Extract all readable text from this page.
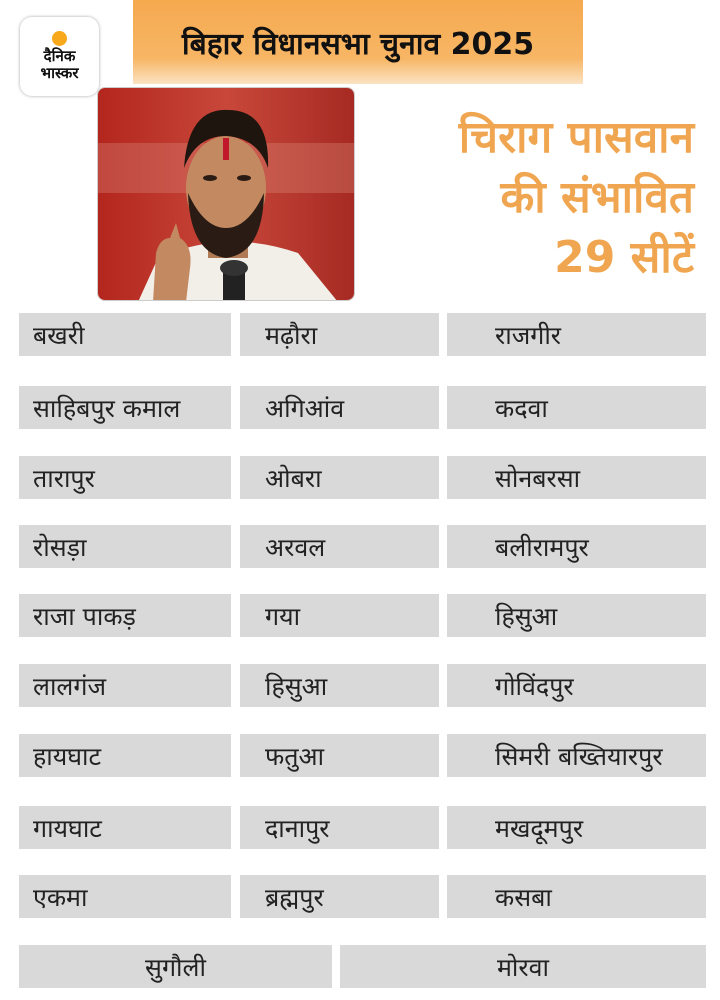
बिहार विधानसभा चुनाव 2025
दैनिक
भास्कर
चिराग पासवान
की संभावित
29 सीटें
बखरी	मढ़ौरा	राजगीर
साहिबपुर कमाल	अगिआंव	कदवा
तारापुर	ओबरा	सोनबरसा
रोसड़ा	अरवल	बलीरामपुर
राजा पाकड़	गया	हिसुआ
लालगंज	हिसुआ	गोविंदपुर
हायघाट	फतुआ	सिमरी बख्तियारपुर
गायघाट	दानापुर	मखदूमपुर
एकमा	ब्रह्मपुर	कसबा
सुगौली	मोरवा
